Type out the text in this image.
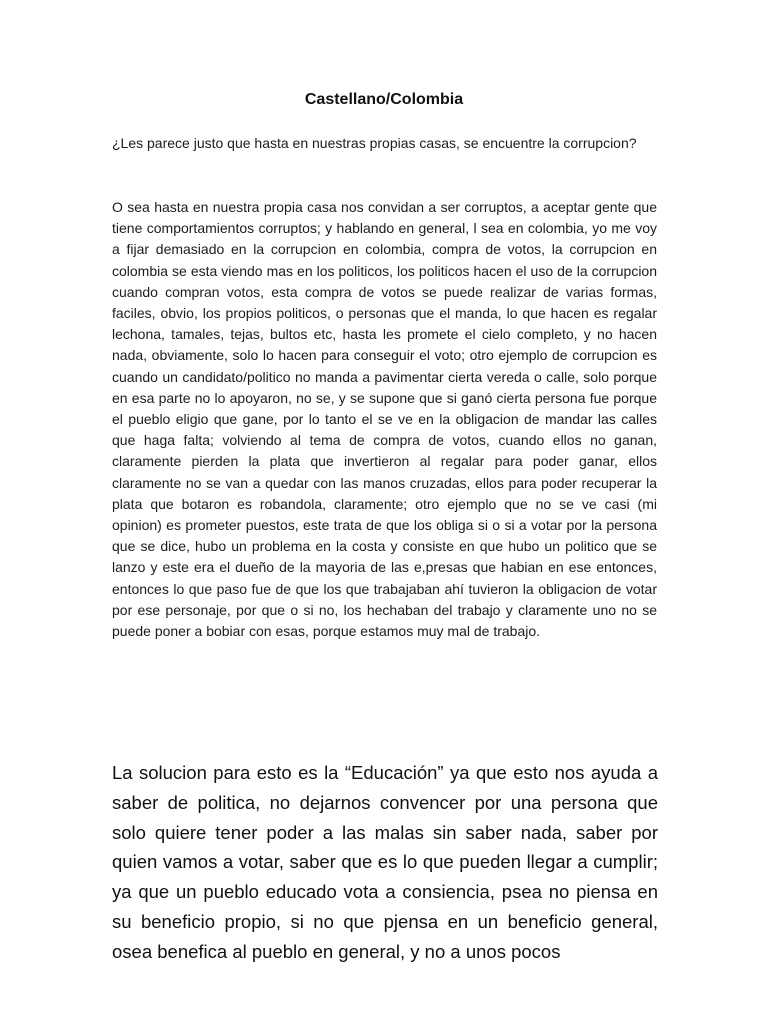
Castellano/Colombia

¿Les parece justo que hasta en nuestras propias casas, se encuentre la corrupcion?

O sea hasta en nuestra propia casa nos convidan a ser corruptos, a aceptar gente que tiene comportamientos corruptos; y hablando en general, l sea en colombia, yo me voy a fijar demasiado en la corrupcion en colombia, compra de votos, la corrupcion en colombia se esta viendo mas en los politicos, los politicos hacen el uso de la corrupcion cuando compran votos, esta compra de votos se puede realizar de varias formas, faciles, obvio, los propios politicos, o personas que el manda, lo que hacen es regalar lechona, tamales, tejas, bultos etc, hasta les promete el cielo completo, y no hacen nada, obviamente, solo lo hacen para conseguir el voto; otro ejemplo de corrupcion es cuando un candidato/politico no manda a pavimentar cierta vereda o calle, solo porque en esa parte no lo apoyaron, no se, y se supone que si ganó cierta persona fue porque el pueblo eligio que gane, por lo tanto el se ve en la obligacion de mandar las calles que haga falta; volviendo al tema de compra de votos, cuando ellos no ganan, claramente pierden la plata que invertieron al regalar para poder ganar, ellos claramente no se van a quedar con las manos cruzadas, ellos para poder recuperar la plata que botaron es robandola, claramente; otro ejemplo que no se ve casi (mi opinion) es prometer puestos, este trata de que los obliga si o si a votar por la persona que se dice, hubo un problema en la costa y consiste en que hubo un politico que se lanzo y este era el dueño de la mayoria de las e,presas que habian en ese entonces, entonces lo que paso fue de que los que trabajaban ahí tuvieron la obligacion de votar por ese personaje, por que o si no, los hechaban del trabajo y claramente uno no se puede poner a bobiar con esas, porque estamos muy mal de trabajo.

La solucion para esto es la “Educación” ya que esto nos ayuda a saber de politica, no dejarnos convencer por una persona que solo quiere tener poder a las malas sin saber nada, saber por quien vamos a votar, saber que es lo que pueden llegar a cumplir; ya que un pueblo educado vota a consiencia, psea no piensa en su beneficio propio, si no que pjensa en un beneficio general, osea benefica al pueblo en general, y no a unos pocos
